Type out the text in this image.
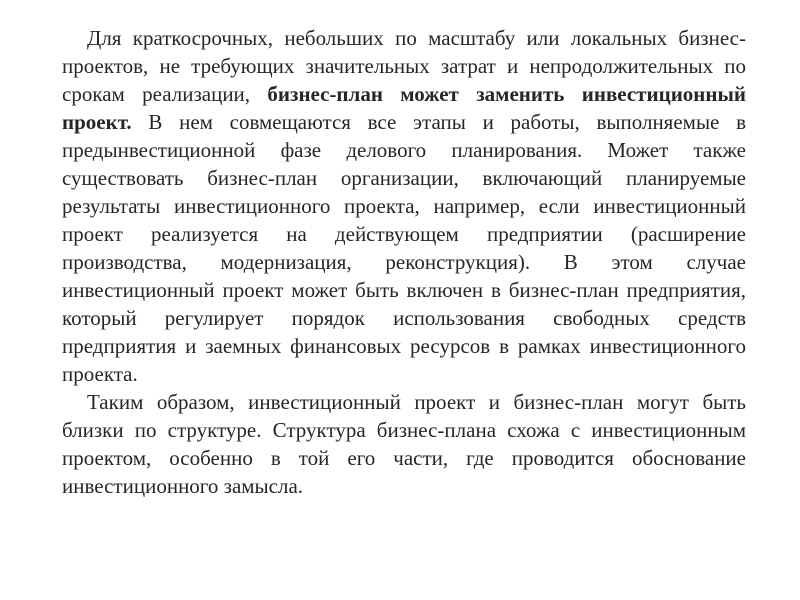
Для краткосрочных, небольших по масштабу или локальных бизнес-проектов, не требующих значительных затрат и непродолжительных по срокам реализации, бизнес-план может заменить инвестиционный проект. В нем совмещаются все этапы и работы, выполняемые в предынвестиционной фазе делового планирования. Может также существовать бизнес-план организации, включающий планируемые результаты инвестиционного проекта, например, если инвестиционный проект реализуется на действующем предприятии (расширение производства, модернизация, реконструкция). В этом случае инвестиционный проект может быть включен в бизнес-план предприятия, который регулирует порядок использования свободных средств предприятия и заемных финансовых ресурсов в рамках инвестиционного проекта.

Таким образом, инвестиционный проект и бизнес-план могут быть близки по структуре. Структура бизнес-плана схожа с инвестиционным проектом, особенно в той его части, где проводится обоснование инвестиционного замысла.
